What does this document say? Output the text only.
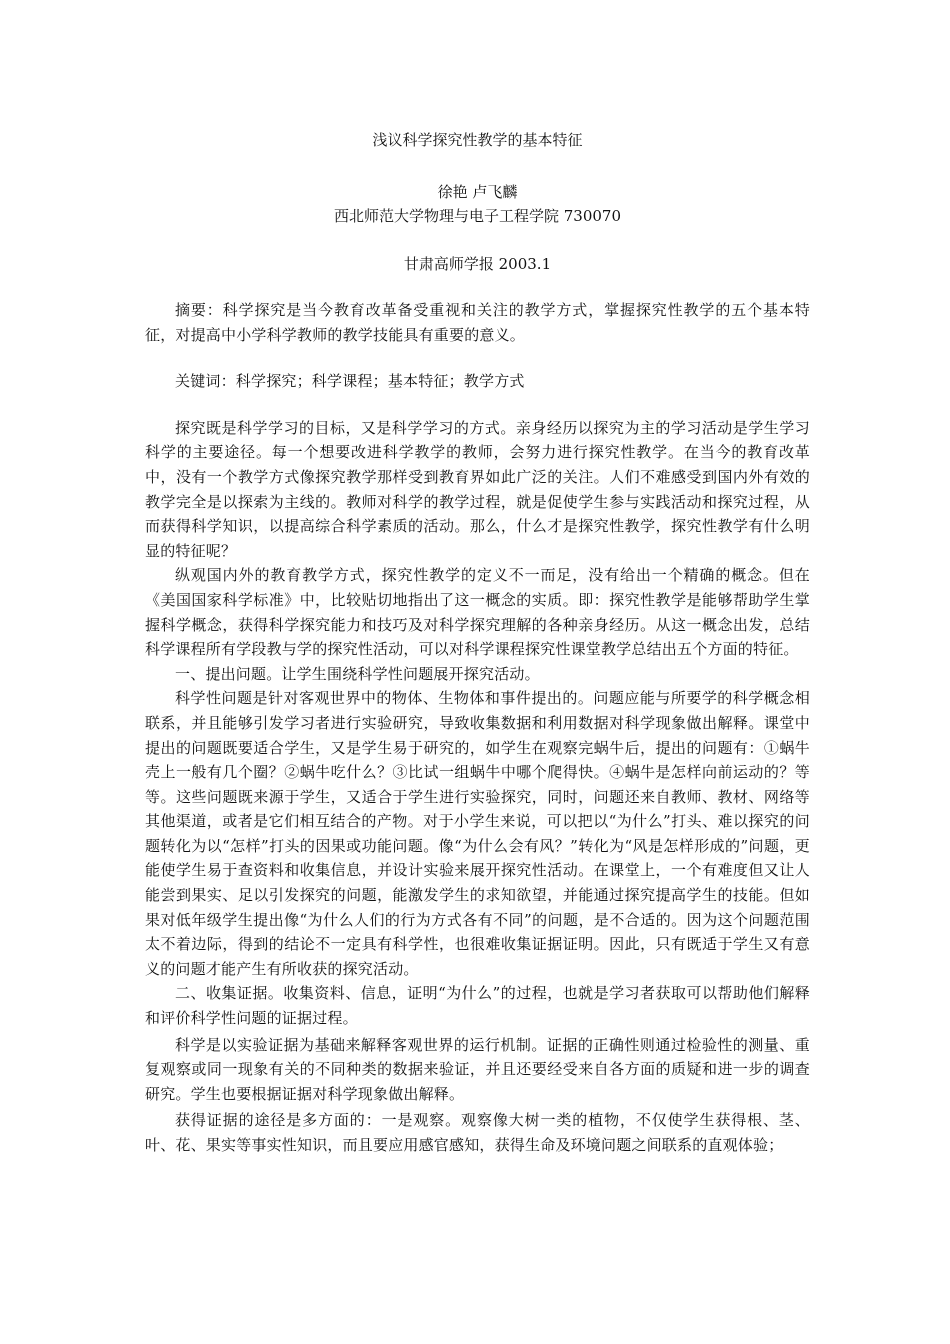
浅议科学探究性教学的基本特征

徐艳 卢飞麟

西北师范大学物理与电子工程学院 730070

甘肃高师学报 2003.1

摘要：科学探究是当今教育改革备受重视和关注的教学方式，掌握探究性教学的五个基本特征，对提高中小学科学教师的教学技能具有重要的意义。

关键词：科学探究；科学课程；基本特征；教学方式

探究既是科学学习的目标，又是科学学习的方式。亲身经历以探究为主的学习活动是学生学习科学的主要途径。每一个想要改进科学教学的教师，会努力进行探究性教学。在当今的教育改革中，没有一个教学方式像探究教学那样受到教育界如此广泛的关注。人们不难感受到国内外有效的教学完全是以探索为主线的。教师对科学的教学过程，就是促使学生参与实践活动和探究过程，从而获得科学知识，以提高综合科学素质的活动。那么，什么才是探究性教学，探究性教学有什么明显的特征呢？

纵观国内外的教育教学方式，探究性教学的定义不一而足，没有给出一个精确的概念。但在《美国国家科学标准》中，比较贴切地指出了这一概念的实质。即：探究性教学是能够帮助学生掌握科学概念，获得科学探究能力和技巧及对科学探究理解的各种亲身经历。从这一概念出发，总结科学课程所有学段教与学的探究性活动，可以对科学课程探究性课堂教学总结出五个方面的特征。

一、提出问题。让学生围绕科学性问题展开探究活动。

科学性问题是针对客观世界中的物体、生物体和事件提出的。问题应能与所要学的科学概念相联系，并且能够引发学习者进行实验研究，导致收集数据和利用数据对科学现象做出解释。课堂中提出的问题既要适合学生，又是学生易于研究的，如学生在观察完蜗牛后，提出的问题有：①蜗牛壳上一般有几个圈？②蜗牛吃什么？③比试一组蜗牛中哪个爬得快。④蜗牛是怎样向前运动的？等等。这些问题既来源于学生，又适合于学生进行实验探究，同时，问题还来自教师、教材、网络等其他渠道，或者是它们相互结合的产物。对于小学生来说，可以把以“为什么”打头、难以探究的问题转化为以“怎样”打头的因果或功能问题。像“为什么会有风？”转化为“风是怎样形成的”问题，更能使学生易于查资料和收集信息，并设计实验来展开探究性活动。在课堂上，一个有难度但又让人能尝到果实、足以引发探究的问题，能激发学生的求知欲望，并能通过探究提高学生的技能。但如果对低年级学生提出像“为什么人们的行为方式各有不同”的问题，是不合适的。因为这个问题范围太不着边际，得到的结论不一定具有科学性，也很难收集证据证明。因此，只有既适于学生又有意义的问题才能产生有所收获的探究活动。

二、收集证据。收集资料、信息，证明“为什么”的过程，也就是学习者获取可以帮助他们解释和评价科学性问题的证据过程。

科学是以实验证据为基础来解释客观世界的运行机制。证据的正确性则通过检验性的测量、重复观察或同一现象有关的不同种类的数据来验证，并且还要经受来自各方面的质疑和进一步的调查研究。学生也要根据证据对科学现象做出解释。

获得证据的途径是多方面的：一是观察。观察像大树一类的植物，不仅使学生获得根、茎、叶、花、果实等事实性知识，而且要应用感官感知，获得生命及环境问题之间联系的直观体验；
